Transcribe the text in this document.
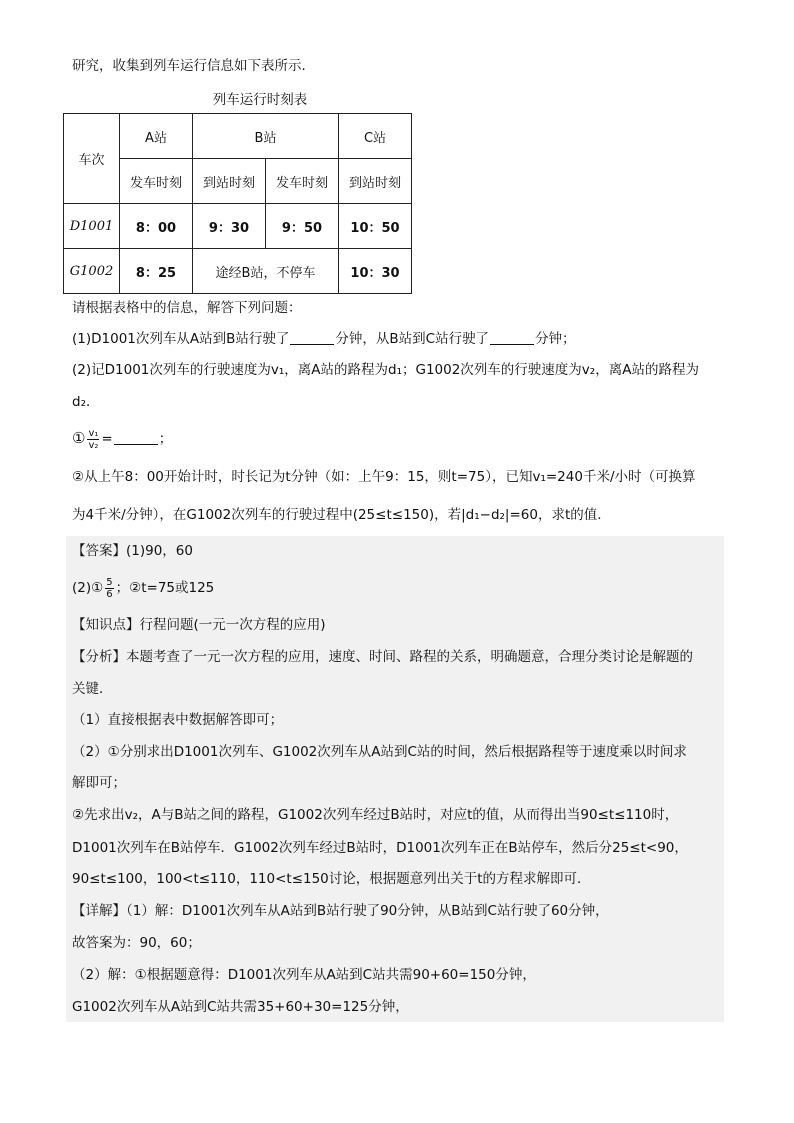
研究，收集到列车运行信息如下表所示．
列车运行时刻表
车次	A站	B站		C站
	发车时刻	到站时刻	发车时刻	到站时刻
D1001	8：00	9：30	9：50	10：50
G1002	8：25	途经B站，不停车		10：30
请根据表格中的信息，解答下列问题：
(1)D1001次列车从A站到B站行驶了	分钟，从B站到C站行驶了	分钟；
(2)记D1001次列车的行驶速度为v₁，离A站的路程为d₁；G1002次列车的行驶速度为v₂，离A站的路程为
d₂．
① $\frac{\text{v₁}}{\text{v₂}}$ =	；
②从上午8：00开始计时，时长记为t分钟（如：上午9：15，则t=75），已知v₁=240千米/小时（可换算
为4千米/分钟），在G1002次列车的行驶过程中(25≤t≤150)，若|d₁−d₂|=60，求t的值．
【答案】(1)90，60
(2)① $\frac{5}{6}$ ；②t=75或125
【知识点】行程问题(一元一次方程的应用)
【分析】本题考查了一元一次方程的应用，速度、时间、路程的关系，明确题意，合理分类讨论是解题的
关键．
（1）直接根据表中数据解答即可；
（2）①分别求出D1001次列车、G1002次列车从A站到C站的时间，然后根据路程等于速度乘以时间求
解即可；
②先求出v₂，A与B站之间的路程，G1002次列车经过B站时，对应t的值，从而得出当90≤t≤110时，
D1001次列车在B站停车．G1002次列车经过B站时，D1001次列车正在B站停车，然后分25≤t<90，
90≤t≤100，100<t≤110，110<t≤150讨论，根据题意列出关于t的方程求解即可．
【详解】（1）解：D1001次列车从A站到B站行驶了90分钟，从B站到C站行驶了60分钟，
故答案为：90，60；
（2）解：①根据题意得：D1001次列车从A站到C站共需90+60=150分钟，
G1002次列车从A站到C站共需35+60+30=125分钟，
